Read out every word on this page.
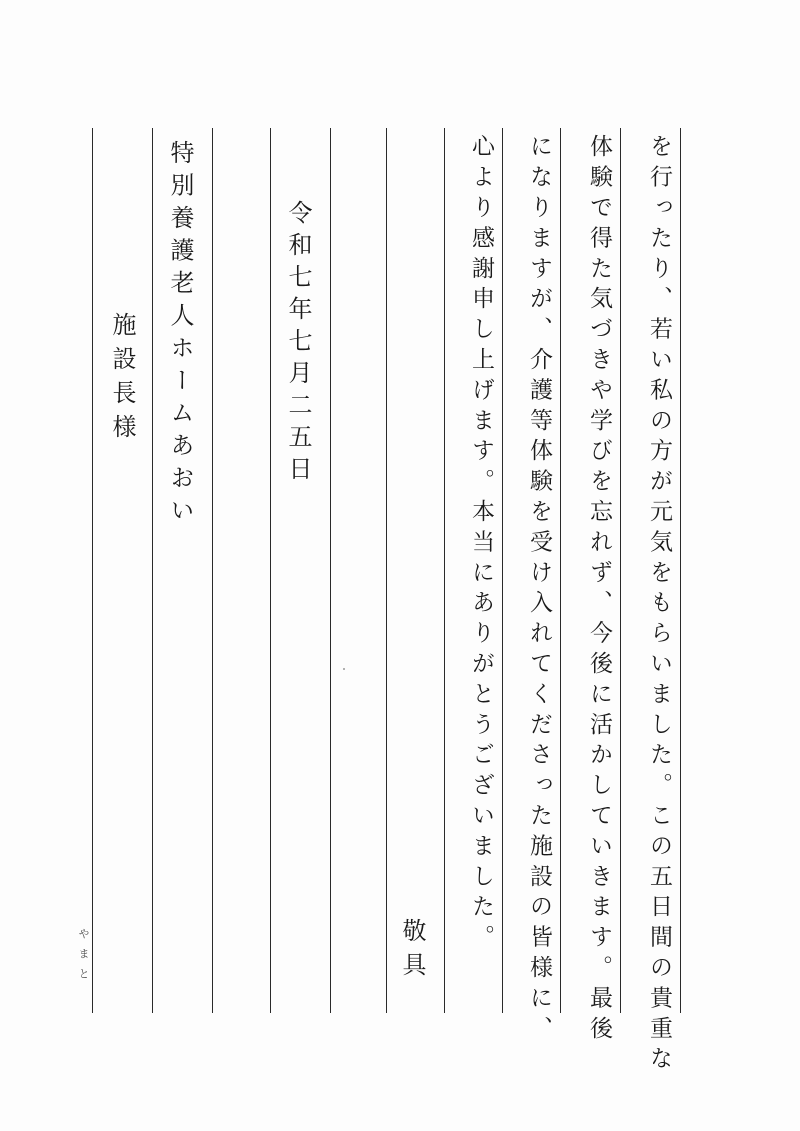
を行ったり、若い私の方が元気をもらいました。この五日間の貴重な
体験で得た気づきや学びを忘れず、今後に活かしていきます。最後
になりますが、介護等体験を受け入れてくださった施設の皆様に、
心より感謝申し上げます。本当にありがとうございました。
敬具
令和七年七月二五日
特別養護老人ホームあおい
施設長様
やまと
